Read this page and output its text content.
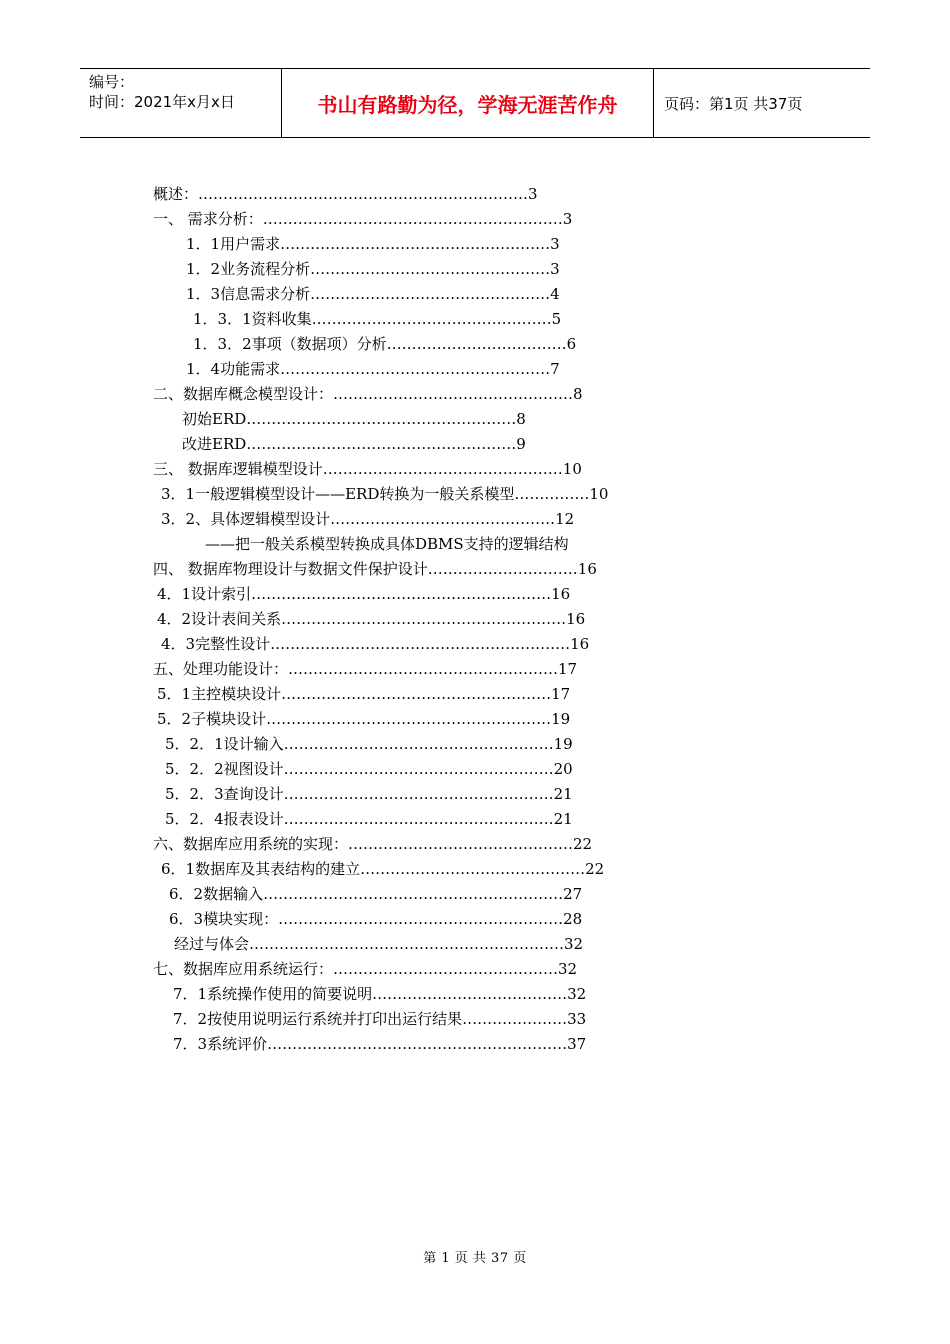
编号：
时间：2021年x月x日	书山有路勤为径，学海无涯苦作舟	页码：第1页 共37页
概述：…………………………………………………………3
一、 需求分析：……………………………………………………3
1．1用户需求………………………………………………3
1．2业务流程分析…………………………………………3
1．3信息需求分析…………………………………………4
1．3．1资料收集…………………………………………5
1．3．2事项（数据项）分析………………………………6
1．4功能需求………………………………………………7
二、数据库概念模型设计：…………………………………………8
初始ERD………………………………………………8
改进ERD………………………………………………9
三、 数据库逻辑模型设计…………………………………………10
3．1一般逻辑模型设计——ERD转换为一般关系模型……………10
3．2、具体逻辑模型设计………………………………………12
——把一般关系模型转换成具体DBMS支持的逻辑结构
四、 数据库物理设计与数据文件保护设计…………………………16
4．1设计索引……………………………………………………16
4．2设计表间关系…………………………………………………16
4．3完整性设计……………………………………………………16
五、处理功能设计：………………………………………………17
5．1主控模块设计………………………………………………17
5．2子模块设计…………………………………………………19
5．2．1设计输入………………………………………………19
5．2．2视图设计………………………………………………20
5．2．3查询设计………………………………………………21
5．2．4报表设计………………………………………………21
六、数据库应用系统的实现：………………………………………22
6．1数据库及其表结构的建立………………………………………22
6．2数据输入……………………………………………………27
6．3模块实现：…………………………………………………28
经过与体会………………………………………………………32
七、数据库应用系统运行：………………………………………32
7．1系统操作使用的简要说明…………………………………32
7．2按使用说明运行系统并打印出运行结果…………………33
7．3系统评价……………………………………………………37
第 1 页 共 37 页
